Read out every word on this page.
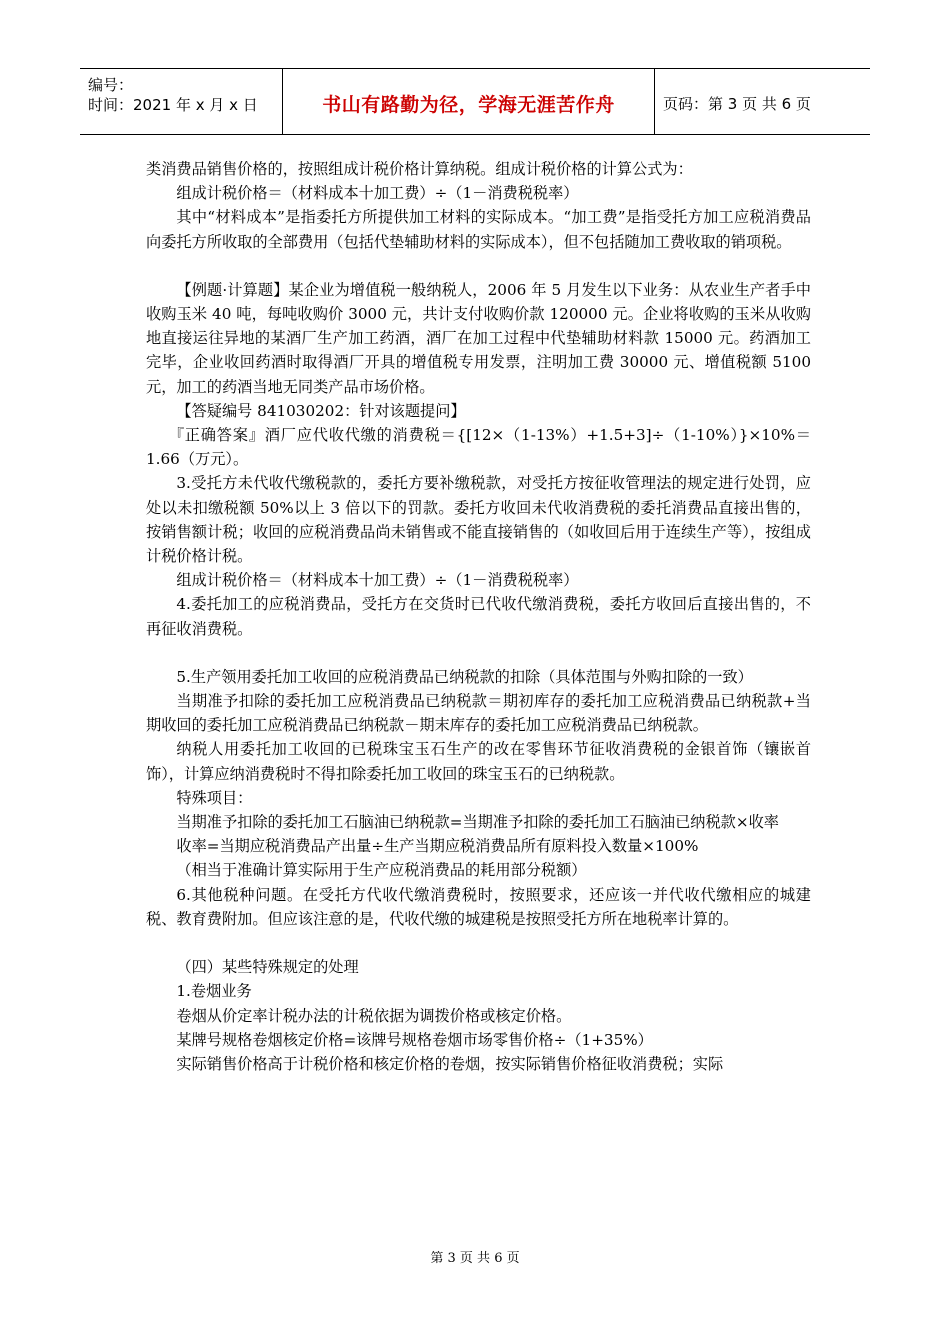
编号：
时间：2021 年 x 月 x 日	书山有路勤为径，学海无涯苦作舟	页码：第 3 页 共 6 页

类消费品销售价格的，按照组成计税价格计算纳税。组成计税价格的计算公式为：

组成计税价格＝（材料成本十加工费）÷（1－消费税税率）

其中“材料成本”是指委托方所提供加工材料的实际成本。“加工费”是指受托方加工应税消费品向委托方所收取的全部费用（包括代垫辅助材料的实际成本），但不包括随加工费收取的销项税。

【例题·计算题】某企业为增值税一般纳税人，2006 年 5 月发生以下业务：从农业生产者手中收购玉米 40 吨，每吨收购价 3000 元，共计支付收购价款 120000 元。企业将收购的玉米从收购地直接运往异地的某酒厂生产加工药酒，酒厂在加工过程中代垫辅助材料款 15000 元。药酒加工完毕，企业收回药酒时取得酒厂开具的增值税专用发票，注明加工费 30000 元、增值税额 5100 元，加工的药酒当地无同类产品市场价格。

【答疑编号 841030202：针对该题提问】

『正确答案』酒厂应代收代缴的消费税＝{[12×（1-13%）+1.5+3]÷（1-10%）}×10%＝1.66（万元）。

3.受托方未代收代缴税款的，委托方要补缴税款，对受托方按征收管理法的规定进行处罚，应处以未扣缴税额 50%以上 3 倍以下的罚款。委托方收回未代收消费税的委托消费品直接出售的，按销售额计税；收回的应税消费品尚未销售或不能直接销售的（如收回后用于连续生产等），按组成计税价格计税。

组成计税价格＝（材料成本十加工费）÷（1－消费税税率）

4.委托加工的应税消费品，受托方在交货时已代收代缴消费税，委托方收回后直接出售的，不再征收消费税。

5.生产领用委托加工收回的应税消费品已纳税款的扣除（具体范围与外购扣除的一致）

当期准予扣除的委托加工应税消费品已纳税款＝期初库存的委托加工应税消费品已纳税款+当期收回的委托加工应税消费品已纳税款－期末库存的委托加工应税消费品已纳税款。

纳税人用委托加工收回的已税珠宝玉石生产的改在零售环节征收消费税的金银首饰（镶嵌首饰），计算应纳消费税时不得扣除委托加工收回的珠宝玉石的已纳税款。

特殊项目：

当期准予扣除的委托加工石脑油已纳税款=当期准予扣除的委托加工石脑油已纳税款×收率

收率=当期应税消费品产出量÷生产当期应税消费品所有原料投入数量×100%

（相当于准确计算实际用于生产应税消费品的耗用部分税额）

6.其他税种问题。在受托方代收代缴消费税时，按照要求，还应该一并代收代缴相应的城建税、教育费附加。但应该注意的是，代收代缴的城建税是按照受托方所在地税率计算的。

（四）某些特殊规定的处理

1.卷烟业务

卷烟从价定率计税办法的计税依据为调拨价格或核定价格。

某牌号规格卷烟核定价格=该牌号规格卷烟市场零售价格÷（1+35%）

实际销售价格高于计税价格和核定价格的卷烟，按实际销售价格征收消费税；实际

第 3 页 共 6 页
